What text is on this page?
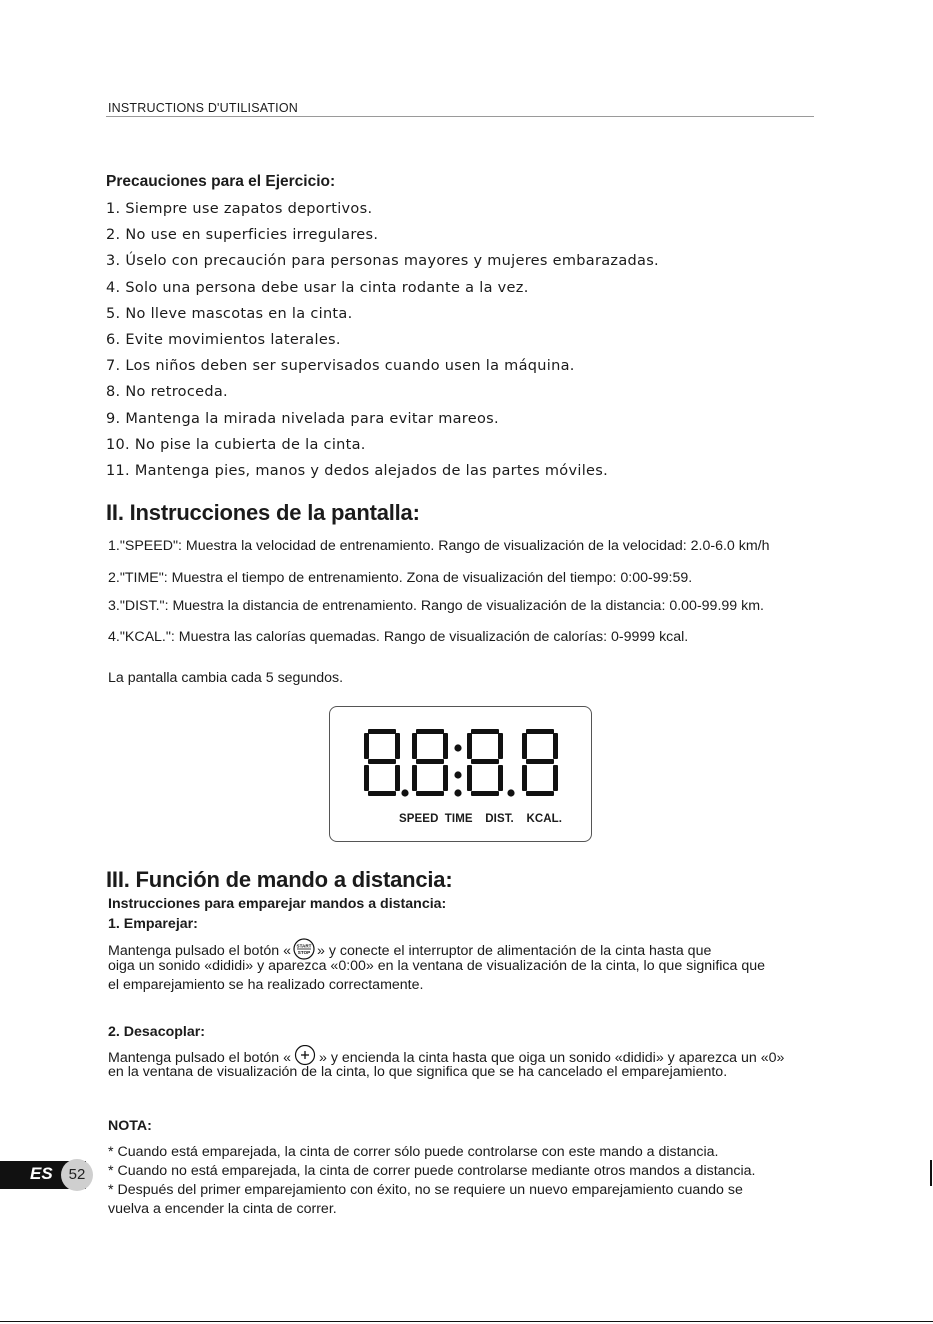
INSTRUCTIONS D'UTILISATION
Precauciones para el Ejercicio:
1. Siempre use zapatos deportivos.
2. No use en superficies irregulares.
3. Úselo con precaución para personas mayores y mujeres embarazadas.
4. Solo una persona debe usar la cinta rodante a la vez.
5. No lleve mascotas en la cinta.
6. Evite movimientos laterales.
7. Los niños deben ser supervisados cuando usen la máquina.
8. No retroceda.
9. Mantenga la mirada nivelada para evitar mareos.
10. No pise la cubierta de la cinta.
11. Mantenga pies, manos y dedos alejados de las partes móviles.
II. Instrucciones de la pantalla:
1."SPEED": Muestra la velocidad de entrenamiento. Rango de visualización de la velocidad: 2.0-6.0 km/h
2."TIME": Muestra el tiempo de entrenamiento. Zona de visualización del tiempo: 0:00-99:59.
3."DIST.": Muestra la distancia de entrenamiento. Rango de visualización de la distancia: 0.00-99.99 km.
4."KCAL.": Muestra las calorías quemadas. Rango de visualización de calorías: 0-9999 kcal.
La pantalla cambia cada 5 segundos.
SPEED TIME  DIST.  KCAL.
III. Función de mando a distancia:
Instrucciones para emparejar mandos a distancia:
1. Emparejar:
Mantenga pulsado el botón « START
STOP » y conecte el interruptor de alimentación de la cinta hasta que
oiga un sonido «dididi» y aparezca «0:00» en la ventana de visualización de la cinta, lo que significa que
el emparejamiento se ha realizado correctamente.
2. Desacoplar:
Mantenga pulsado el botón « » y encienda la cinta hasta que oiga un sonido «dididi» y aparezca un «0»
en la ventana de visualización de la cinta, lo que significa que se ha cancelado el emparejamiento.
NOTA:
* Cuando está emparejada, la cinta de correr sólo puede controlarse con este mando a distancia.
* Cuando no está emparejada, la cinta de correr puede controlarse mediante otros mandos a distancia.
* Después del primer emparejamiento con éxito, no se requiere un nuevo emparejamiento cuando se
vuelva a encender la cinta de correr.
ES	52
